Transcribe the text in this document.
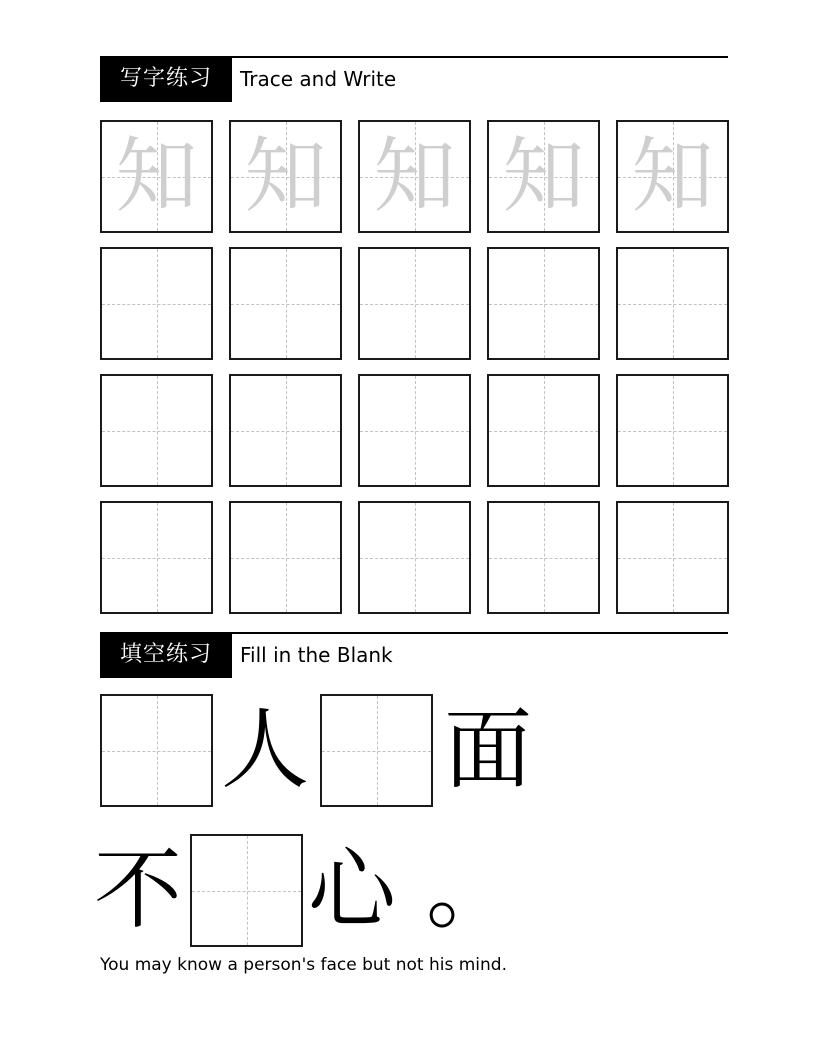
写字练习	Trace and Write
知 知 知 知 知
填空练习	Fill in the Blank
人 面
不 心 。
You may know a person's face but not his mind.
